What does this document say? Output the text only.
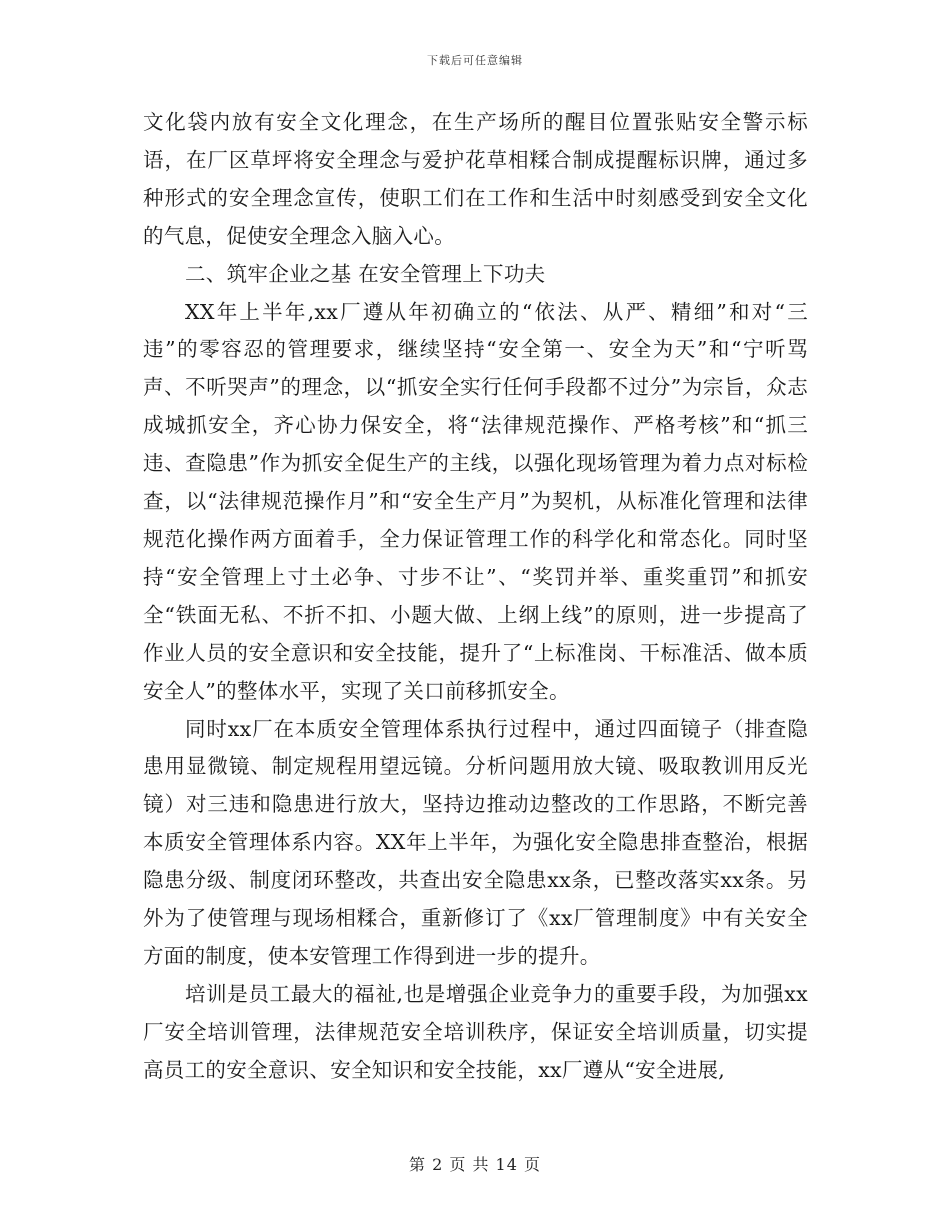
下载后可任意编辑

文化袋内放有安全文化理念，在生产场所的醒目位置张贴安全警示标语，在厂区草坪将安全理念与爱护花草相糅合制成提醒标识牌，通过多种形式的安全理念宣传，使职工们在工作和生活中时刻感受到安全文化的气息，促使安全理念入脑入心。

二、筑牢企业之基 在安全管理上下功夫

XX年上半年,xx厂遵从年初确立的“依法、从严、精细”和对“三违”的零容忍的管理要求，继续坚持“安全第一、安全为天”和“宁听骂声、不听哭声”的理念，以“抓安全实行任何手段都不过分”为宗旨，众志成城抓安全，齐心协力保安全，将“法律规范操作、严格考核”和“抓三违、查隐患”作为抓安全促生产的主线，以强化现场管理为着力点对标检查，以“法律规范操作月”和“安全生产月”为契机，从标准化管理和法律规范化操作两方面着手，全力保证管理工作的科学化和常态化。同时坚持“安全管理上寸土必争、寸步不让”、“奖罚并举、重奖重罚”和抓安全“铁面无私、不折不扣、小题大做、上纲上线”的原则，进一步提高了作业人员的安全意识和安全技能，提升了“上标准岗、干标准活、做本质安全人”的整体水平，实现了关口前移抓安全。

同时xx厂在本质安全管理体系执行过程中，通过四面镜子（排查隐患用显微镜、制定规程用望远镜。分析问题用放大镜、吸取教训用反光镜）对三违和隐患进行放大，坚持边推动边整改的工作思路，不断完善本质安全管理体系内容。XX年上半年，为强化安全隐患排查整治，根据隐患分级、制度闭环整改，共查出安全隐患xx条，已整改落实xx条。另外为了使管理与现场相糅合，重新修订了《xx厂管理制度》中有关安全方面的制度，使本安管理工作得到进一步的提升。

培训是员工最大的福祉,也是增强企业竞争力的重要手段，为加强xx厂安全培训管理，法律规范安全培训秩序，保证安全培训质量，切实提高员工的安全意识、安全知识和安全技能，xx厂遵从“安全进展,

第 2 页 共 14 页
